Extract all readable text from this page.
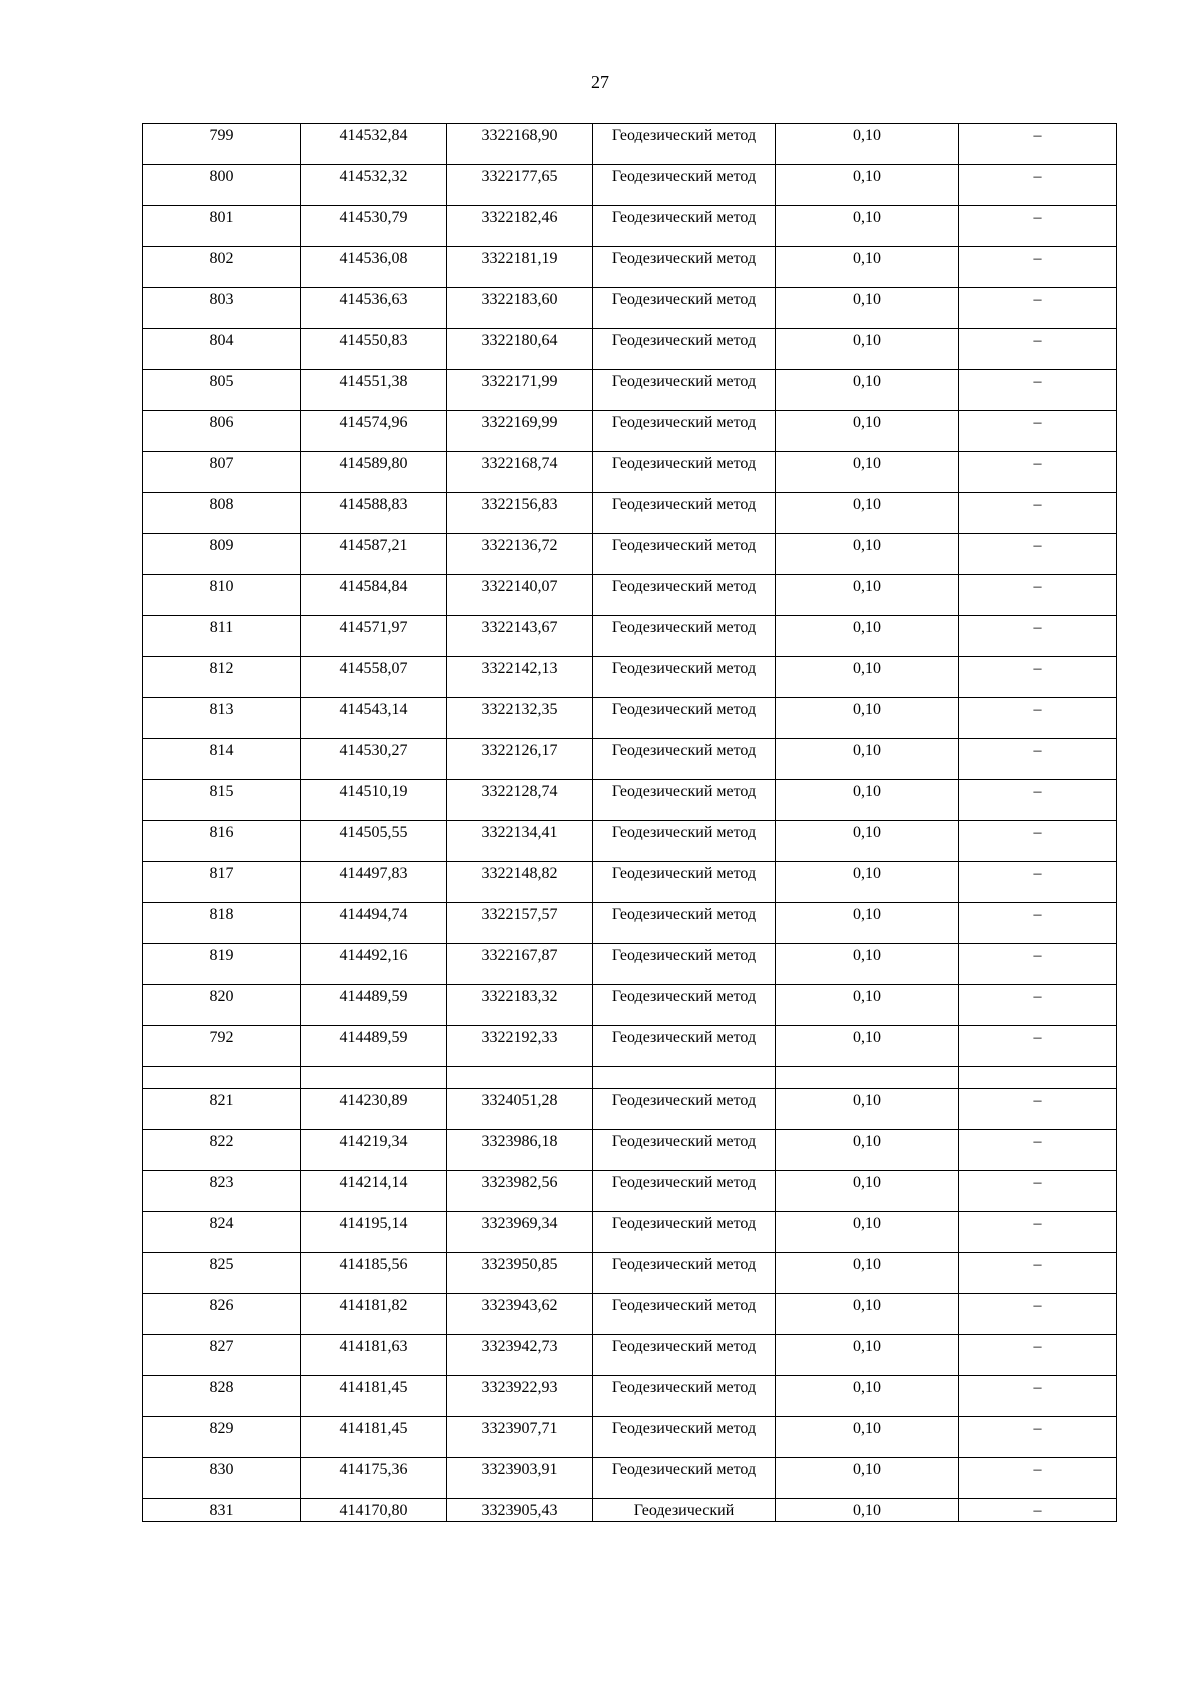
27
799	414532,84	3322168,90	Геодезический метод	0,10	–
800	414532,32	3322177,65	Геодезический метод	0,10	–
801	414530,79	3322182,46	Геодезический метод	0,10	–
802	414536,08	3322181,19	Геодезический метод	0,10	–
803	414536,63	3322183,60	Геодезический метод	0,10	–
804	414550,83	3322180,64	Геодезический метод	0,10	–
805	414551,38	3322171,99	Геодезический метод	0,10	–
806	414574,96	3322169,99	Геодезический метод	0,10	–
807	414589,80	3322168,74	Геодезический метод	0,10	–
808	414588,83	3322156,83	Геодезический метод	0,10	–
809	414587,21	3322136,72	Геодезический метод	0,10	–
810	414584,84	3322140,07	Геодезический метод	0,10	–
811	414571,97	3322143,67	Геодезический метод	0,10	–
812	414558,07	3322142,13	Геодезический метод	0,10	–
813	414543,14	3322132,35	Геодезический метод	0,10	–
814	414530,27	3322126,17	Геодезический метод	0,10	–
815	414510,19	3322128,74	Геодезический метод	0,10	–
816	414505,55	3322134,41	Геодезический метод	0,10	–
817	414497,83	3322148,82	Геодезический метод	0,10	–
818	414494,74	3322157,57	Геодезический метод	0,10	–
819	414492,16	3322167,87	Геодезический метод	0,10	–
820	414489,59	3322183,32	Геодезический метод	0,10	–
792	414489,59	3322192,33	Геодезический метод	0,10	–

821	414230,89	3324051,28	Геодезический метод	0,10	–
822	414219,34	3323986,18	Геодезический метод	0,10	–
823	414214,14	3323982,56	Геодезический метод	0,10	–
824	414195,14	3323969,34	Геодезический метод	0,10	–
825	414185,56	3323950,85	Геодезический метод	0,10	–
826	414181,82	3323943,62	Геодезический метод	0,10	–
827	414181,63	3323942,73	Геодезический метод	0,10	–
828	414181,45	3323922,93	Геодезический метод	0,10	–
829	414181,45	3323907,71	Геодезический метод	0,10	–
830	414175,36	3323903,91	Геодезический метод	0,10	–
831	414170,80	3323905,43	Геодезический	0,10	–
